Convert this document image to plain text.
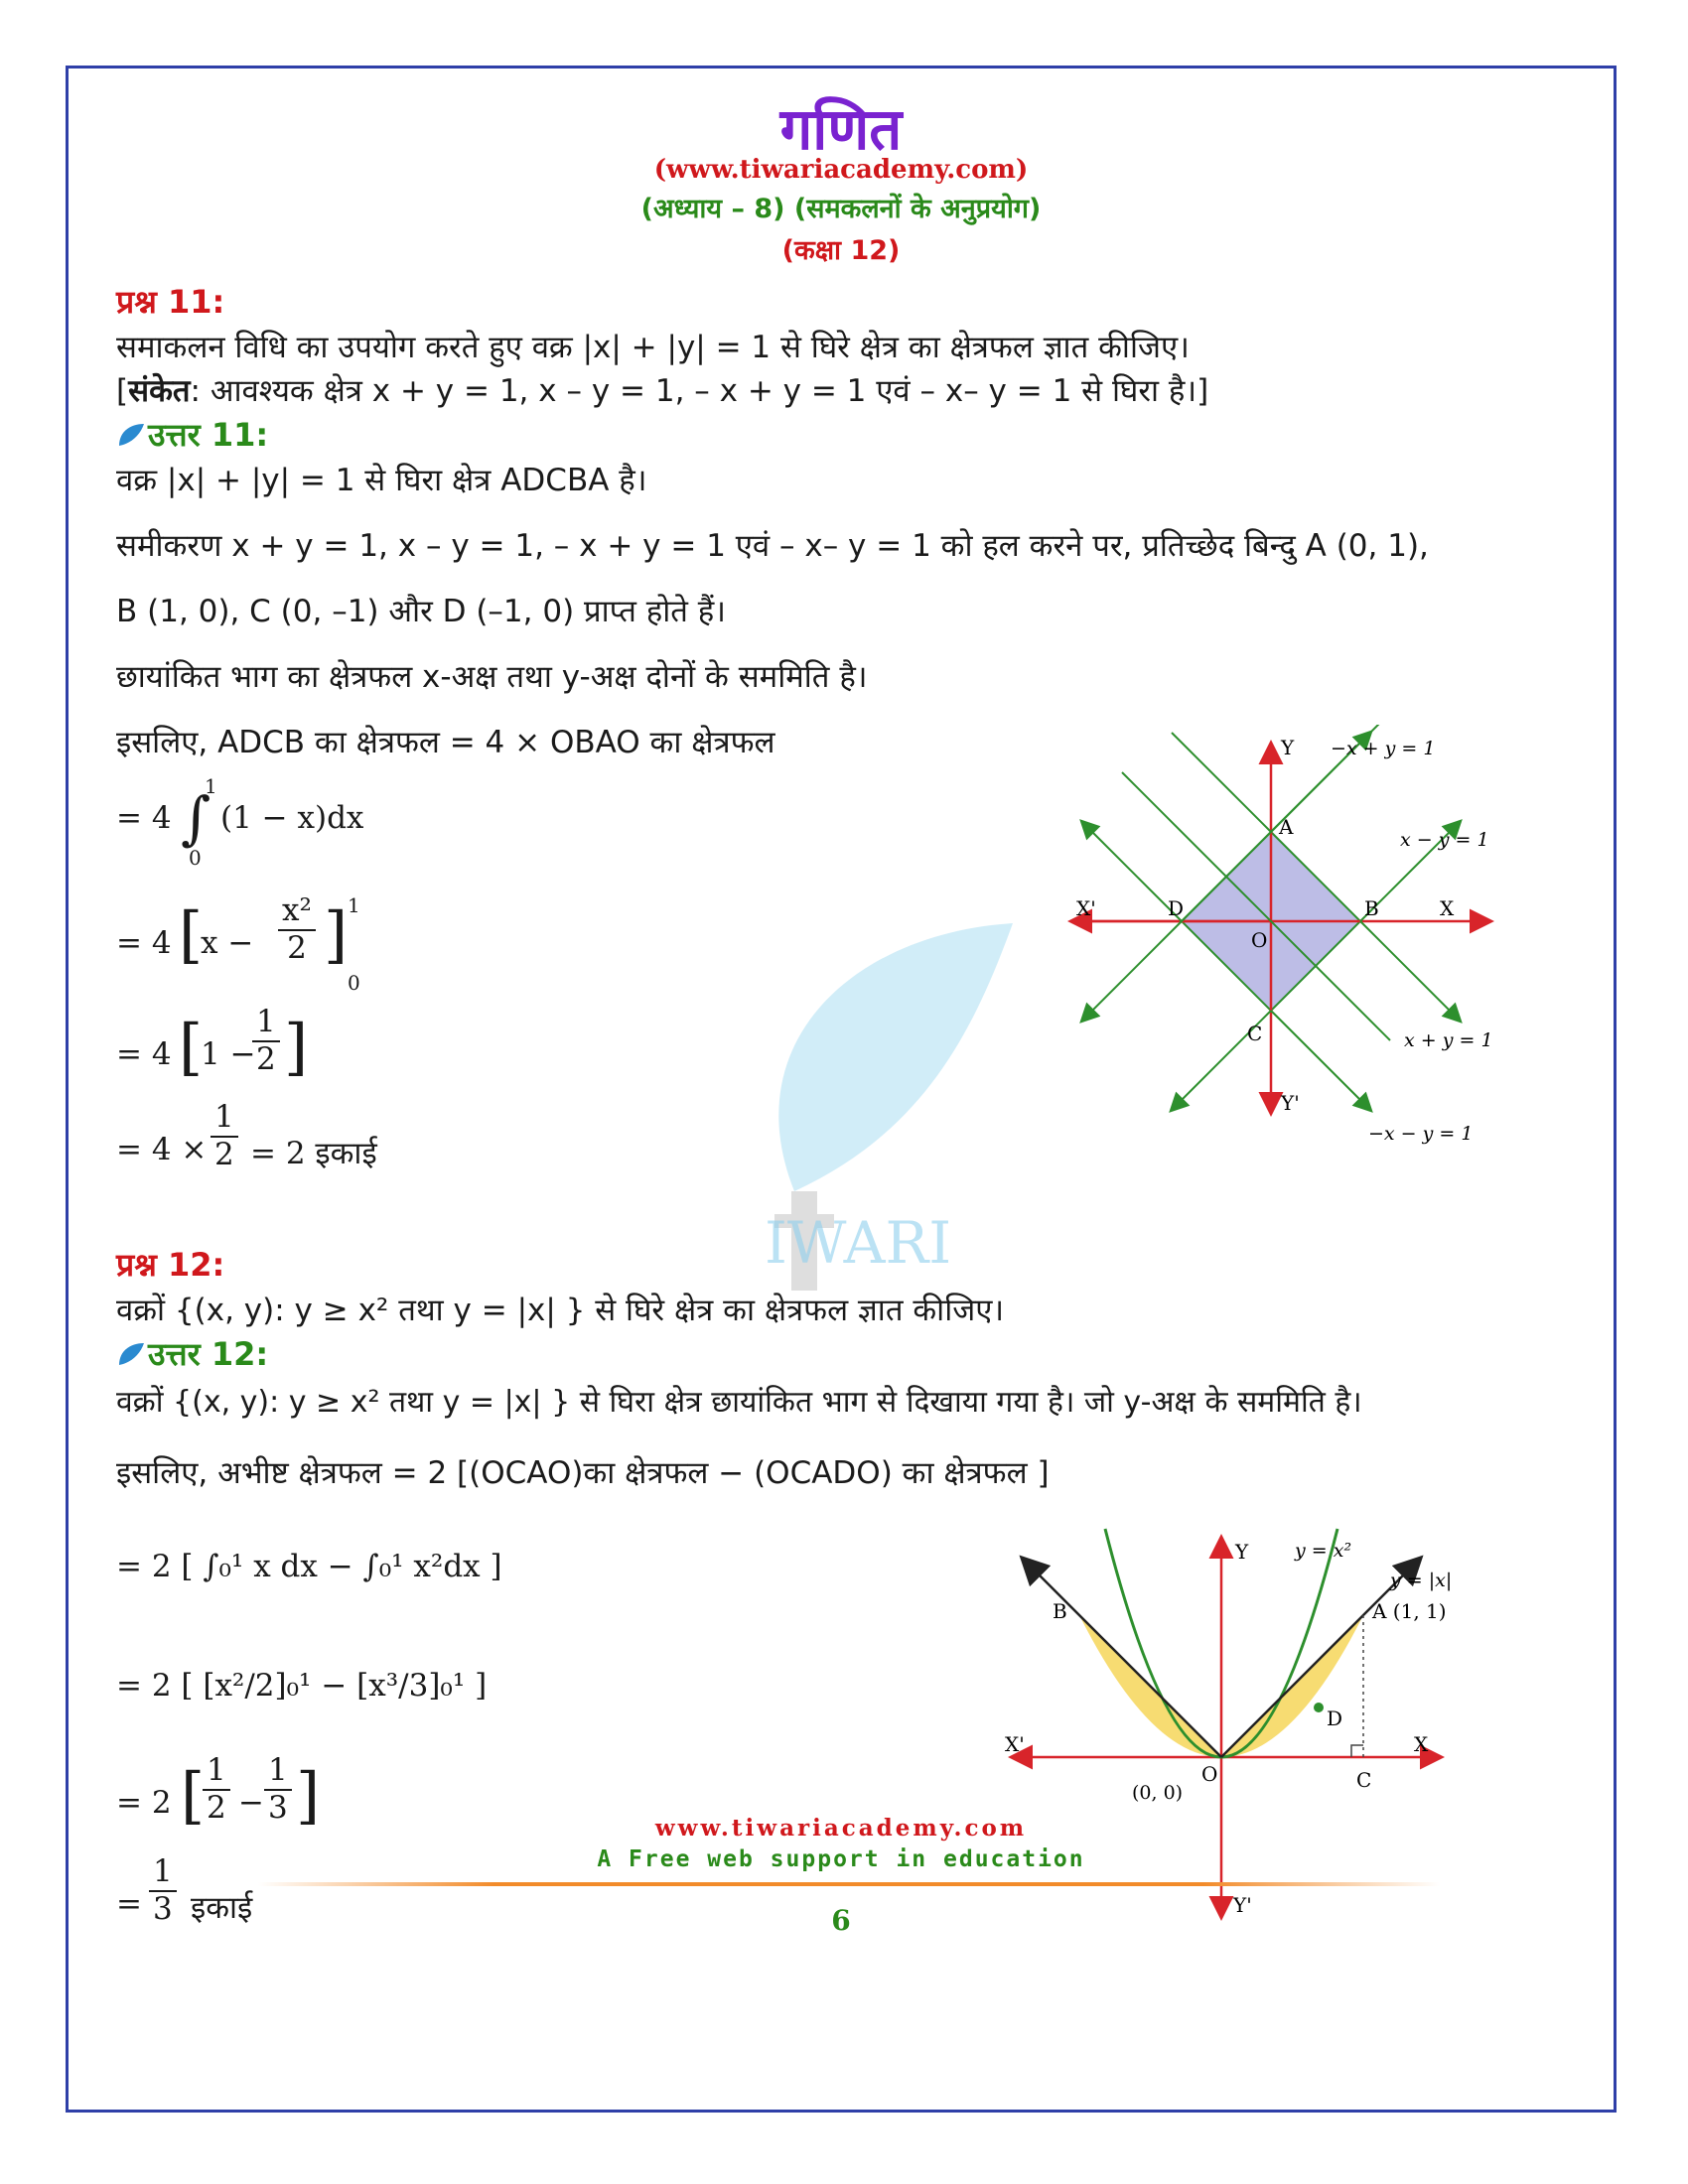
IWARI
गणित
(www.tiwariacademy.com)
(अध्याय – 8) (समकलनों के अनुप्रयोग)
(कक्षा 12)
प्रश्न 11:
समाकलन विधि का उपयोग करते हुए वक्र |x| + |y| = 1 से घिरे क्षेत्र का क्षेत्रफल ज्ञात कीजिए।
[संकेत: आवश्यक क्षेत्र x + y = 1, x – y = 1, – x + y = 1 एवं – x– y = 1 से घिरा है।]
उत्तर 11:
वक्र |x| + |y| = 1 से घिरा क्षेत्र ADCBA है।
समीकरण x + y = 1, x – y = 1, – x + y = 1 एवं – x– y = 1 को हल करने पर, प्रतिच्छेद बिन्दु A (0, 1),
B (1, 0), C (0, –1) और D (–1, 0) प्राप्त होते हैं।
छायांकित भाग का क्षेत्रफल x-अक्ष तथा y-अक्ष दोनों के सममिति है।
इसलिए, ADCB का क्षेत्रफल = 4 × OBAO का क्षेत्रफल
= 4 ∫
1
0
(1 − x)dx
= 4 [
$x - \frac{\text{x²}}{2}$ ] 1
0
= 4 [
1 −
$\frac{1}{2}$ ]
= $4 \times \frac{1}{2} = 2$ इकाई
Y
Y'
X
X'
A
B
C
D
O
−x + y = 1
x − y = 1
x + y = 1
−x − y = 1
प्रश्न 12:
वक्रों {(x, y): y ≥ x² तथा y = |x| } से घिरे क्षेत्र का क्षेत्रफल ज्ञात कीजिए।
उत्तर 12:
वक्रों {(x, y): y ≥ x² तथा y = |x| } से घिरा क्षेत्र छायांकित भाग से दिखाया गया है। जो y-अक्ष के सममिति है।
इसलिए, अभीष्ट क्षेत्रफल = 2 [(OCAO)का क्षेत्रफल − (OCADO) का क्षेत्रफल ]
= 2 [ ∫₀¹ x dx − ∫₀¹ x²dx ]
= 2 [ [x²/2]₀¹ − [x³/3]₀¹ ]
= 2 [
$\frac{1}{2} - \frac{1}{3}$ ]
= $\frac{1}{3}$ इकाई
Y
Y'
X
X'
y = x²
y = |x|
A (1, 1)
B
C
D
O
(0, 0)
www.tiwariacademy.com
A Free web support in education
6
